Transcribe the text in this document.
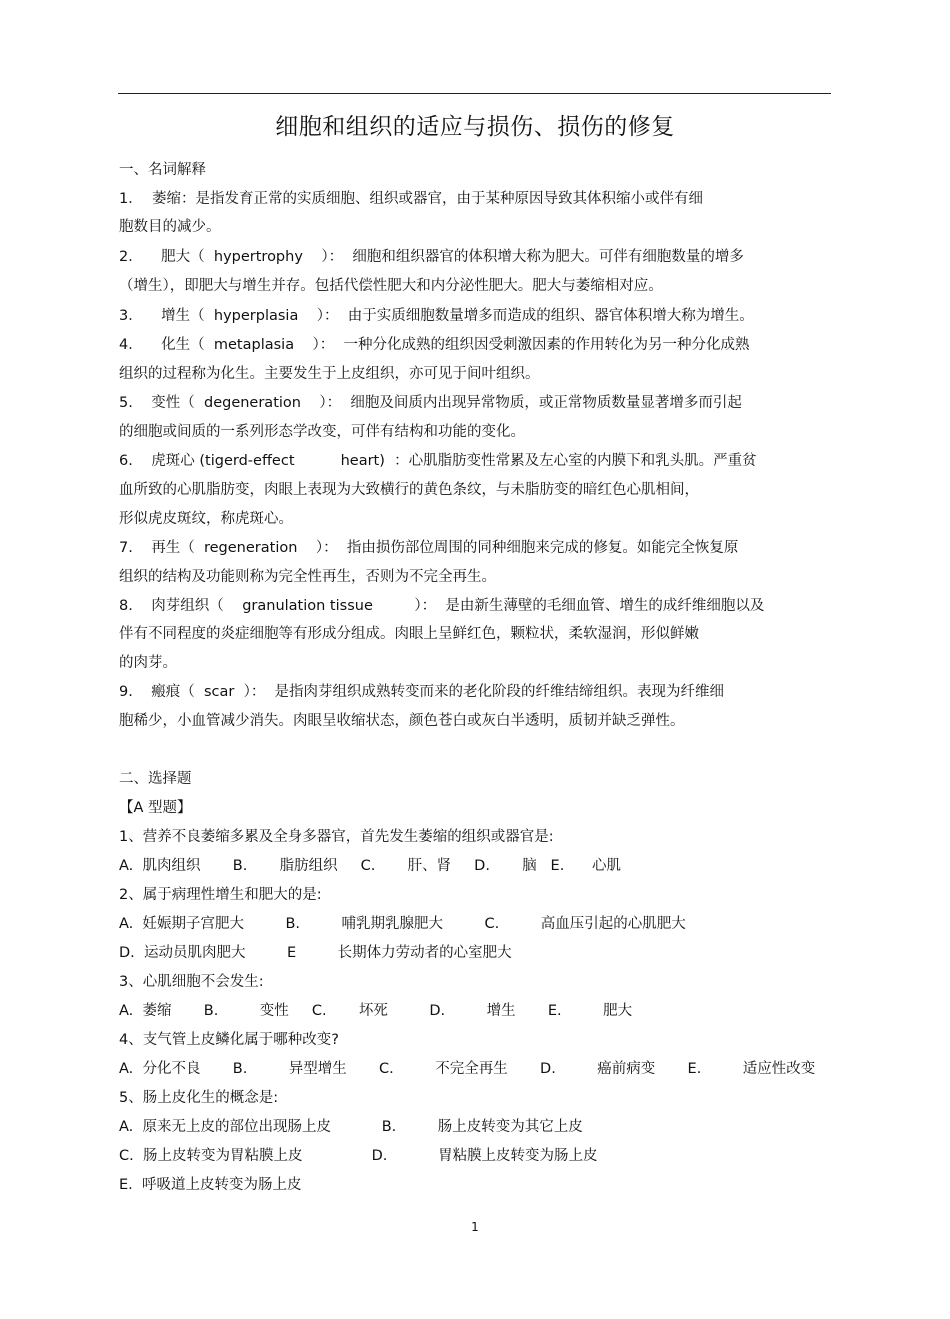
细胞和组织的适应与损伤、损伤的修复
一、名词解释
1．  萎缩：是指发育正常的实质细胞、组织或器官，由于某种原因导致其体积缩小或伴有细
胞数目的减少。
2．    肥大（  hypertrophy    ）：  细胞和组织器官的体积增大称为肥大。可伴有细胞数量的增多
（增生），即肥大与增生并存。包括代偿性肥大和内分泌性肥大。肥大与萎缩相对应。
3．    增生（  hyperplasia    ）：  由于实质细胞数量增多而造成的组织、器官体积增大称为增生。
4．    化生（  metaplasia    ）：  一种分化成熟的组织因受刺激因素的作用转化为另一种分化成熟
组织的过程称为化生。主要发生于上皮组织，亦可见于间叶组织。
5.    变性（  degeneration    ）：  细胞及间质内出现异常物质，或正常物质数量显著增多而引起
的细胞或间质的一系列形态学改变，可伴有结构和功能的变化。
6.    虎斑心 (tigerd-effect          heart)  ：心肌脂肪变性常累及左心室的内膜下和乳头肌。严重贫
血所致的心肌脂肪变，肉眼上表现为大致横行的黄色条纹，与未脂肪变的暗红色心肌相间，
形似虎皮斑纹，称虎斑心。
7.    再生（  regeneration    ）：  指由损伤部位周围的同种细胞来完成的修复。如能完全恢复原
组织的结构及功能则称为完全性再生，否则为不完全再生。
8.    肉芽组织（    granulation tissue         ）：  是由新生薄壁的毛细血管、增生的成纤维细胞以及
伴有不同程度的炎症细胞等有形成分组成。肉眼上呈鲜红色，颗粒状，柔软湿润，形似鲜嫩
的肉芽。
9.    瘢痕（  scar  ）：  是指肉芽组织成熟转变而来的老化阶段的纤维结缔组织。表现为纤维细
胞稀少，小血管减少消失。肉眼呈收缩状态，颜色苍白或灰白半透明，质韧并缺乏弹性。
二、选择题
【A 型题】
1、营养不良萎缩多累及全身多器官，首先发生萎缩的组织或器官是:
A.  肌肉组织       B.       脂肪组织     C.       肝、肾     D.       脑   E.      心肌
2、属于病理性增生和肥大的是:
A.  妊娠期子宫肥大         B.         哺乳期乳腺肥大         C.         高血压引起的心肌肥大
D.  运动员肌肉肥大         E         长期体力劳动者的心室肥大
3、心肌细胞不会发生:
A.  萎缩       B.         变性     C.       坏死         D.         增生       E.         肥大
4、支气管上皮鳞化属于哪种改变?
A.  分化不良       B.         异型增生       C.         不完全再生       D.         癌前病变       E.         适应性改变
5、肠上皮化生的概念是:
A.  原来无上皮的部位出现肠上皮           B.         肠上皮转变为其它上皮
C.  肠上皮转变为胃粘膜上皮               D.           胃粘膜上皮转变为肠上皮
E.  呼吸道上皮转变为肠上皮
1
